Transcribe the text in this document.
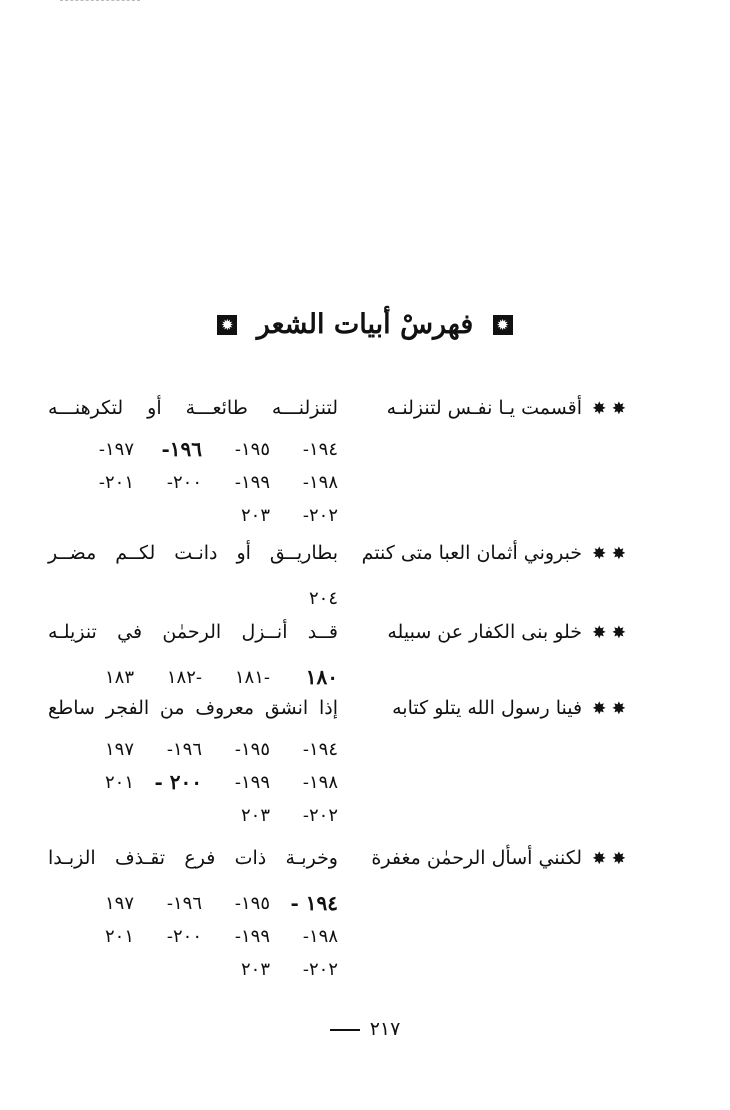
✹ فهرسْ أبيات الشعر ✹
✸ ✸ أقسمت يـا نفـس لتنزلنـه
لتنزلنـــه طائعـــة أو لتكرهنـــه
١٩٤-
١٩٥-
١٩٦-
١٩٧-
١٩٨-
١٩٩-
٢٠٠-
٢٠١-
٢٠٢-
٢٠٣
✸ ✸ خبروني أثمان العبا متى كنتم
بطاريــق أو دانـت لكــم مضــر
٢٠٤
✸ ✸ خلو بنى الكفار عن سبيله
قــد أنــزل الرحمٰن في تنزيلـه
١٨٠
-١٨١
-١٨٢
١٨٣
✸ ✸ فينا رسول الله يتلو كتابه
إذا انشق معروف من الفجر ساطع
١٩٤-
١٩٥-
١٩٦-
١٩٧
١٩٨-
١٩٩-
٢٠٠ -
٢٠١
٢٠٢-
٢٠٣
✸ ✸ لكنني أسأل الرحمٰن مغفرة
وخربـة ذات فرع تقـذف الزبـدا
١٩٤ -
١٩٥-
١٩٦-
١٩٧
١٩٨-
١٩٩-
٢٠٠-
٢٠١
٢٠٢-
٢٠٣
٢١٧
